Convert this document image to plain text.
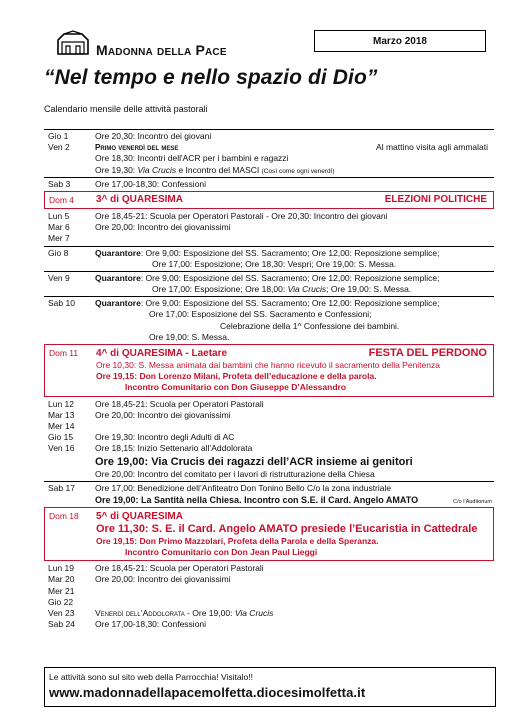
Madonna della Pace
Marzo 2018
“Nel tempo e nello spazio di Dio”
Calendario mensile delle attività pastorali
Gio 1	Ore 20,30: Incontro dei giovani
Ven 2	Primo venerdì del mese	Al mattino visita agli ammalati
Ore 18,30: Incontri dell'ACR per i bambini e ragazzi
Ore 19,30: Via Crucis e Incontro del MASCI (Così come ogni venerdì)
Sab 3	Ore 17,00-18,30: Confessioni
Dom 4 3^ di QUARESIMA	ELEZIONI POLITICHE
Lun 5	Ore 18,45-21: Scuola per Operatori Pastorali - Ore 20,30: Incontro dei giovani
Mar 6	Ore 20,00: Incontro dei giovanissimi
Mer 7
Gio 8	Quarantore: Ore 9,00: Esposizione del SS. Sacramento; Ore 12,00: Reposizione semplice;
Ore 17,00: Esposizione; Ore 18,30: Vespri; Ore 19,00: S. Messa.
Ven 9	Quarantore: Ore 9,00: Esposizione del SS. Sacramento; Ore 12,00: Reposizione semplice;
Ore 17,00: Esposizione; Ore 18,00: Via Crucis; Ore 19,00: S. Messa.
Sab 10 Quarantore: Ore 9,00: Esposizione del SS. Sacramento; Ore 12,00: Reposizione semplice;
Ore 17,00: Esposizione del SS. Sacramento e Confessioni;
Celebrazione della 1^ Confessione dei bambini.
Ore 19,00: S. Messa.
Dom 11 4^ di QUARESIMA - Laetare	FESTA DEL PERDONO
Ore 10,30: S. Messa animata dai bambini che hanno ricevuto il sacramento della Penitenza
Ore 19,15: Don Lorenzo Milani, Profeta dell’educazione e della parola.
Incontro Comunitario con Don Giuseppe D’Alessandro
Lun 12 Ore 18,45-21: Scuola per Operatori Pastorali
Mar 13 Ore 20,00: Incontro dei giovanissimi
Mer 14
Gio 15	Ore 19,30: Incontro degli Adulti di AC
Ven 16 Ore 18,15: Inizio Settenario all’Addolorata
Ore 19,00: Via Crucis dei ragazzi dell’ACR insieme ai genitori
Ore 20,00: Incontro del comitato per i lavori di ristrutturazione della Chiesa
Sab 17 Ore 17,00: Benedizione dell’Anfiteatro Don Tonino Bello C/o la zona industriale
Ore 19,00: La Santità nella Chiesa. Incontro con S.E. il Card. Angelo AMATO	C/o l’Auditorium
Dom 18 5^ di QUARESIMA
Ore 11,30: S. E. il Card. Angelo AMATO presiede l’Eucaristia in Cattedrale
Ore 19,15: Don Primo Mazzolari, Profeta della Parola e della Speranza.
Incontro Comunitario con Don Jean Paul Lieggi
Lun 19 Ore 18,45-21: Scuola per Operatori Pastorali
Mar 20 Ore 20,00: Incontro dei giovanissimi
Mer 21
Gio 22
Ven 23 Venerdì dell’Addolorata - Ore 19,00: Via Crucis
Sab 24 Ore 17,00-18,30: Confessioni
Le attività sono sul sito web della Parrocchia! Visitalo!!
www.madonnadellapacemolfetta.diocesimolfetta.it
